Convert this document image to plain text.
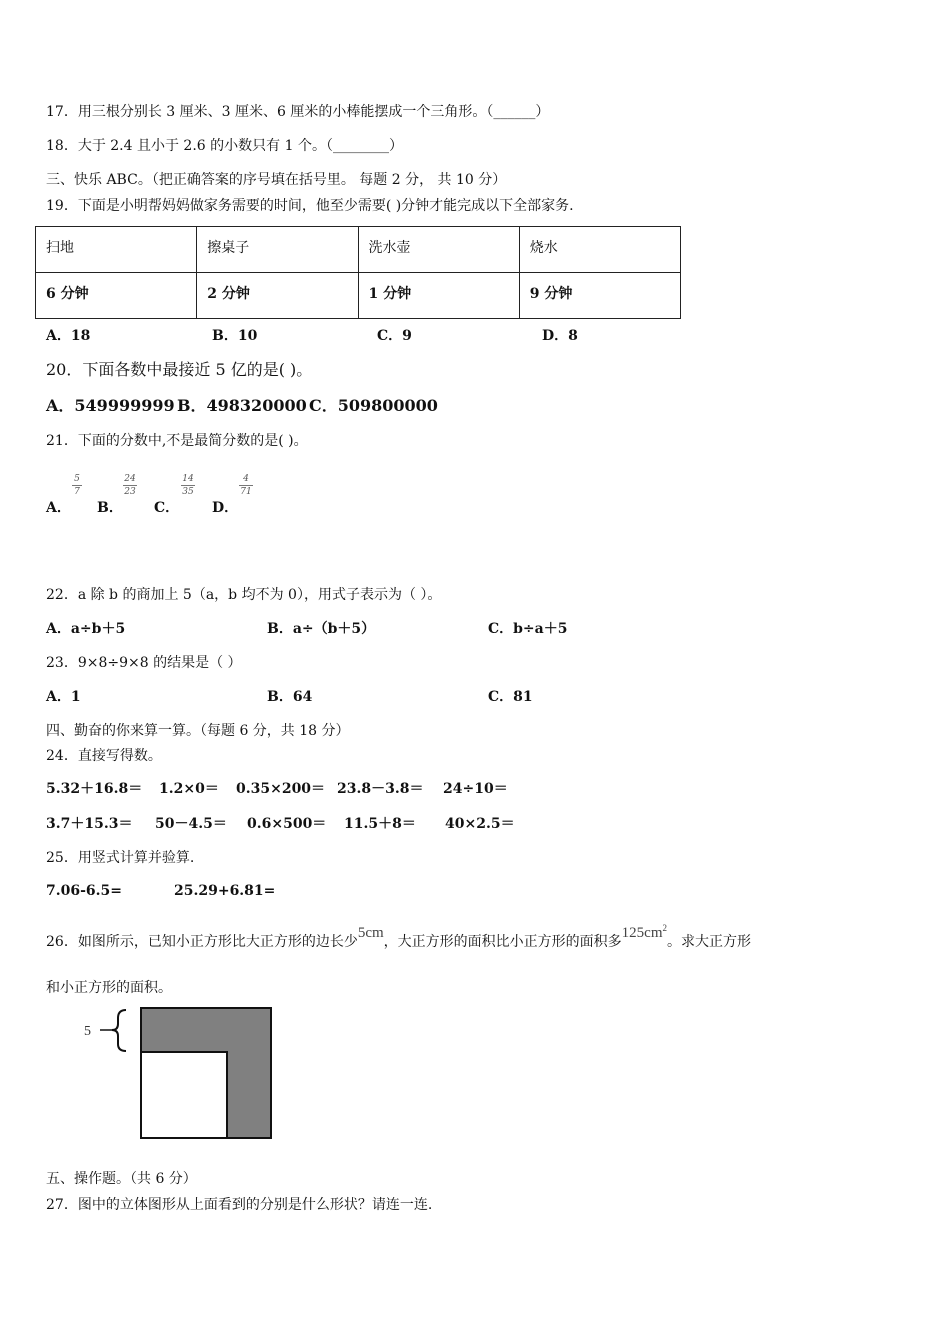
17．用三根分别长 3 厘米、3 厘米、6 厘米的小棒能摆成一个三角形。（______）
18．大于 2.4 且小于 2.6 的小数只有 1 个。（________）
三、快乐 ABC。（把正确答案的序号填在括号里。 每题 2 分， 共 10 分）
19．下面是小明帮妈妈做家务需要的时间，他至少需要( )分钟才能完成以下全部家务.
扫地	擦桌子	洗水壶	烧水
6 分钟	2 分钟	1 分钟	9 分钟
A．18	B．10	C．9	D．8
20．下面各数中最接近 5 亿的是( )。
A．549999999 B．498320000 C．509800000
21．下面的分数中,不是最简分数的是( )。
A．
5
7
B．
24
23
C．
14
35
D．
4
71
22．a 除 b 的商加上 5（a，b 均不为 0），用式子表示为（ ）。
A．a÷b＋5	B．a÷（b＋5）	C．b÷a＋5
23．9×8÷9×8 的结果是（ ）
A．1	B．64	C．81
四、勤奋的你来算一算。（每题 6 分，共 18 分）
24．直接写得数。
5.32＋16.8＝ 1.2×0＝ 0.35×200＝ 23.8－3.8＝ 24÷10＝
3.7＋15.3＝ 50－4.5＝ 0.6×500＝ 11.5＋8＝ 40×2.5＝
25．用竖式计算并验算.
7.06-6.5=	25.29+6.81=
26．如图所示，已知小正方形比大正方形的边长少5cm，大正方形的面积比小正方形的面积多$125cm^2$。求大正方形
和小正方形的面积。
5
五、操作题。（共 6 分）
27．图中的立体图形从上面看到的分别是什么形状？请连一连.
